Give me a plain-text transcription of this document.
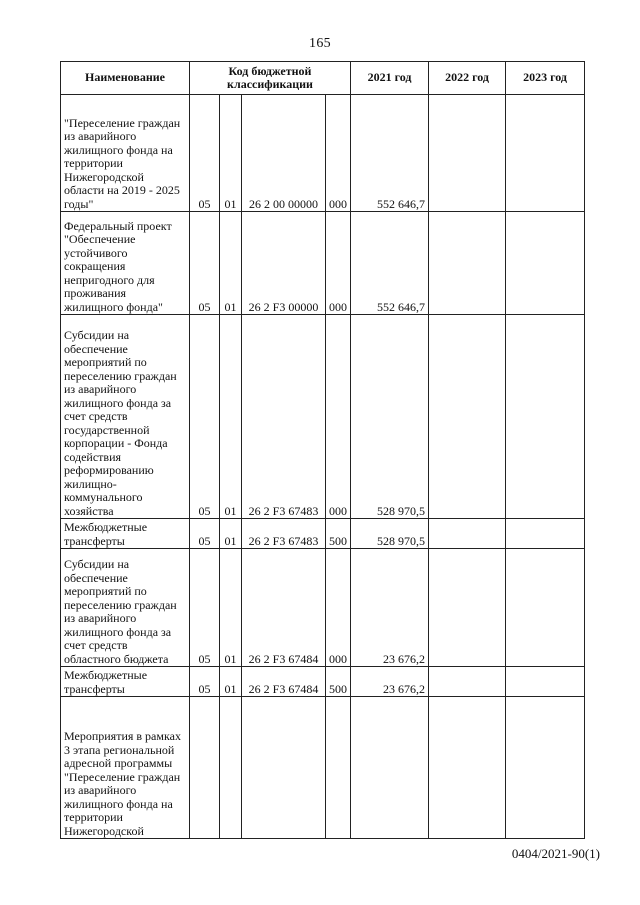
165
Наименование	Код бюджетной классификации				2021 год	2022 год	2023 год
"Переселение граждан из аварийного жилищного фонда на территории Нижегородской области на 2019 - 2025 годы"	05	01	26 2 00 00000	000	552 646,7		
Федеральный проект "Обеспечение устойчивого сокращения непригодного для проживания жилищного фонда"	05	01	26 2 F3 00000	000	552 646,7		
Субсидии на обеспечение мероприятий по переселению граждан из аварийного жилищного фонда за счет средств государственной корпорации - Фонда содействия реформированию жилищно-коммунального хозяйства	05	01	26 2 F3 67483	000	528 970,5		
Межбюджетные трансферты	05	01	26 2 F3 67483	500	528 970,5		
Субсидии на обеспечение мероприятий по переселению граждан из аварийного жилищного фонда за счет средств областного бюджета	05	01	26 2 F3 67484	000	23 676,2		
Межбюджетные трансферты	05	01	26 2 F3 67484	500	23 676,2		
Мероприятия в рамках 3 этапа региональной адресной программы "Переселение граждан из аварийного жилищного фонда на территории Нижегородской							
0404/2021-90(1)
